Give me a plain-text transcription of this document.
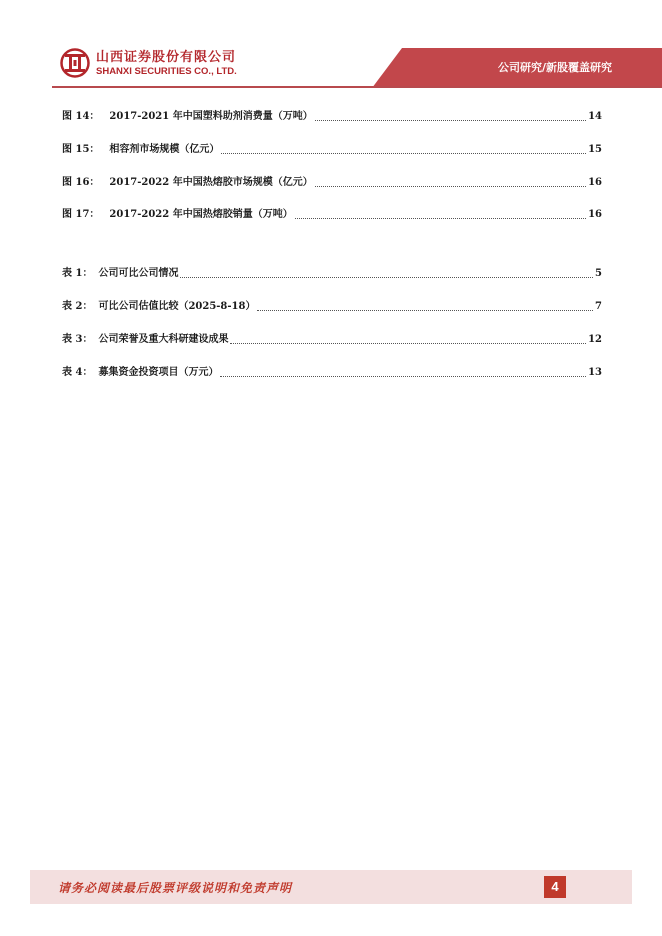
山西证券股份有限公司
SHANXI SECURITIES CO., LTD.	公司研究/新股覆盖研究
图 14： 2017-2021 年中国塑料助剂消费量（万吨）	14
图 15： 相容剂市场规模（亿元）	15
图 16： 2017-2022 年中国热熔胶市场规模（亿元）	16
图 17： 2017-2022 年中国热熔胶销量（万吨）	16
表 1： 公司可比公司情况	5
表 2： 可比公司估值比较（2025-8-18）	7
表 3： 公司荣誉及重大科研建设成果	12
表 4： 募集资金投资项目（万元）	13
请务必阅读最后股票评级说明和免责声明	4
